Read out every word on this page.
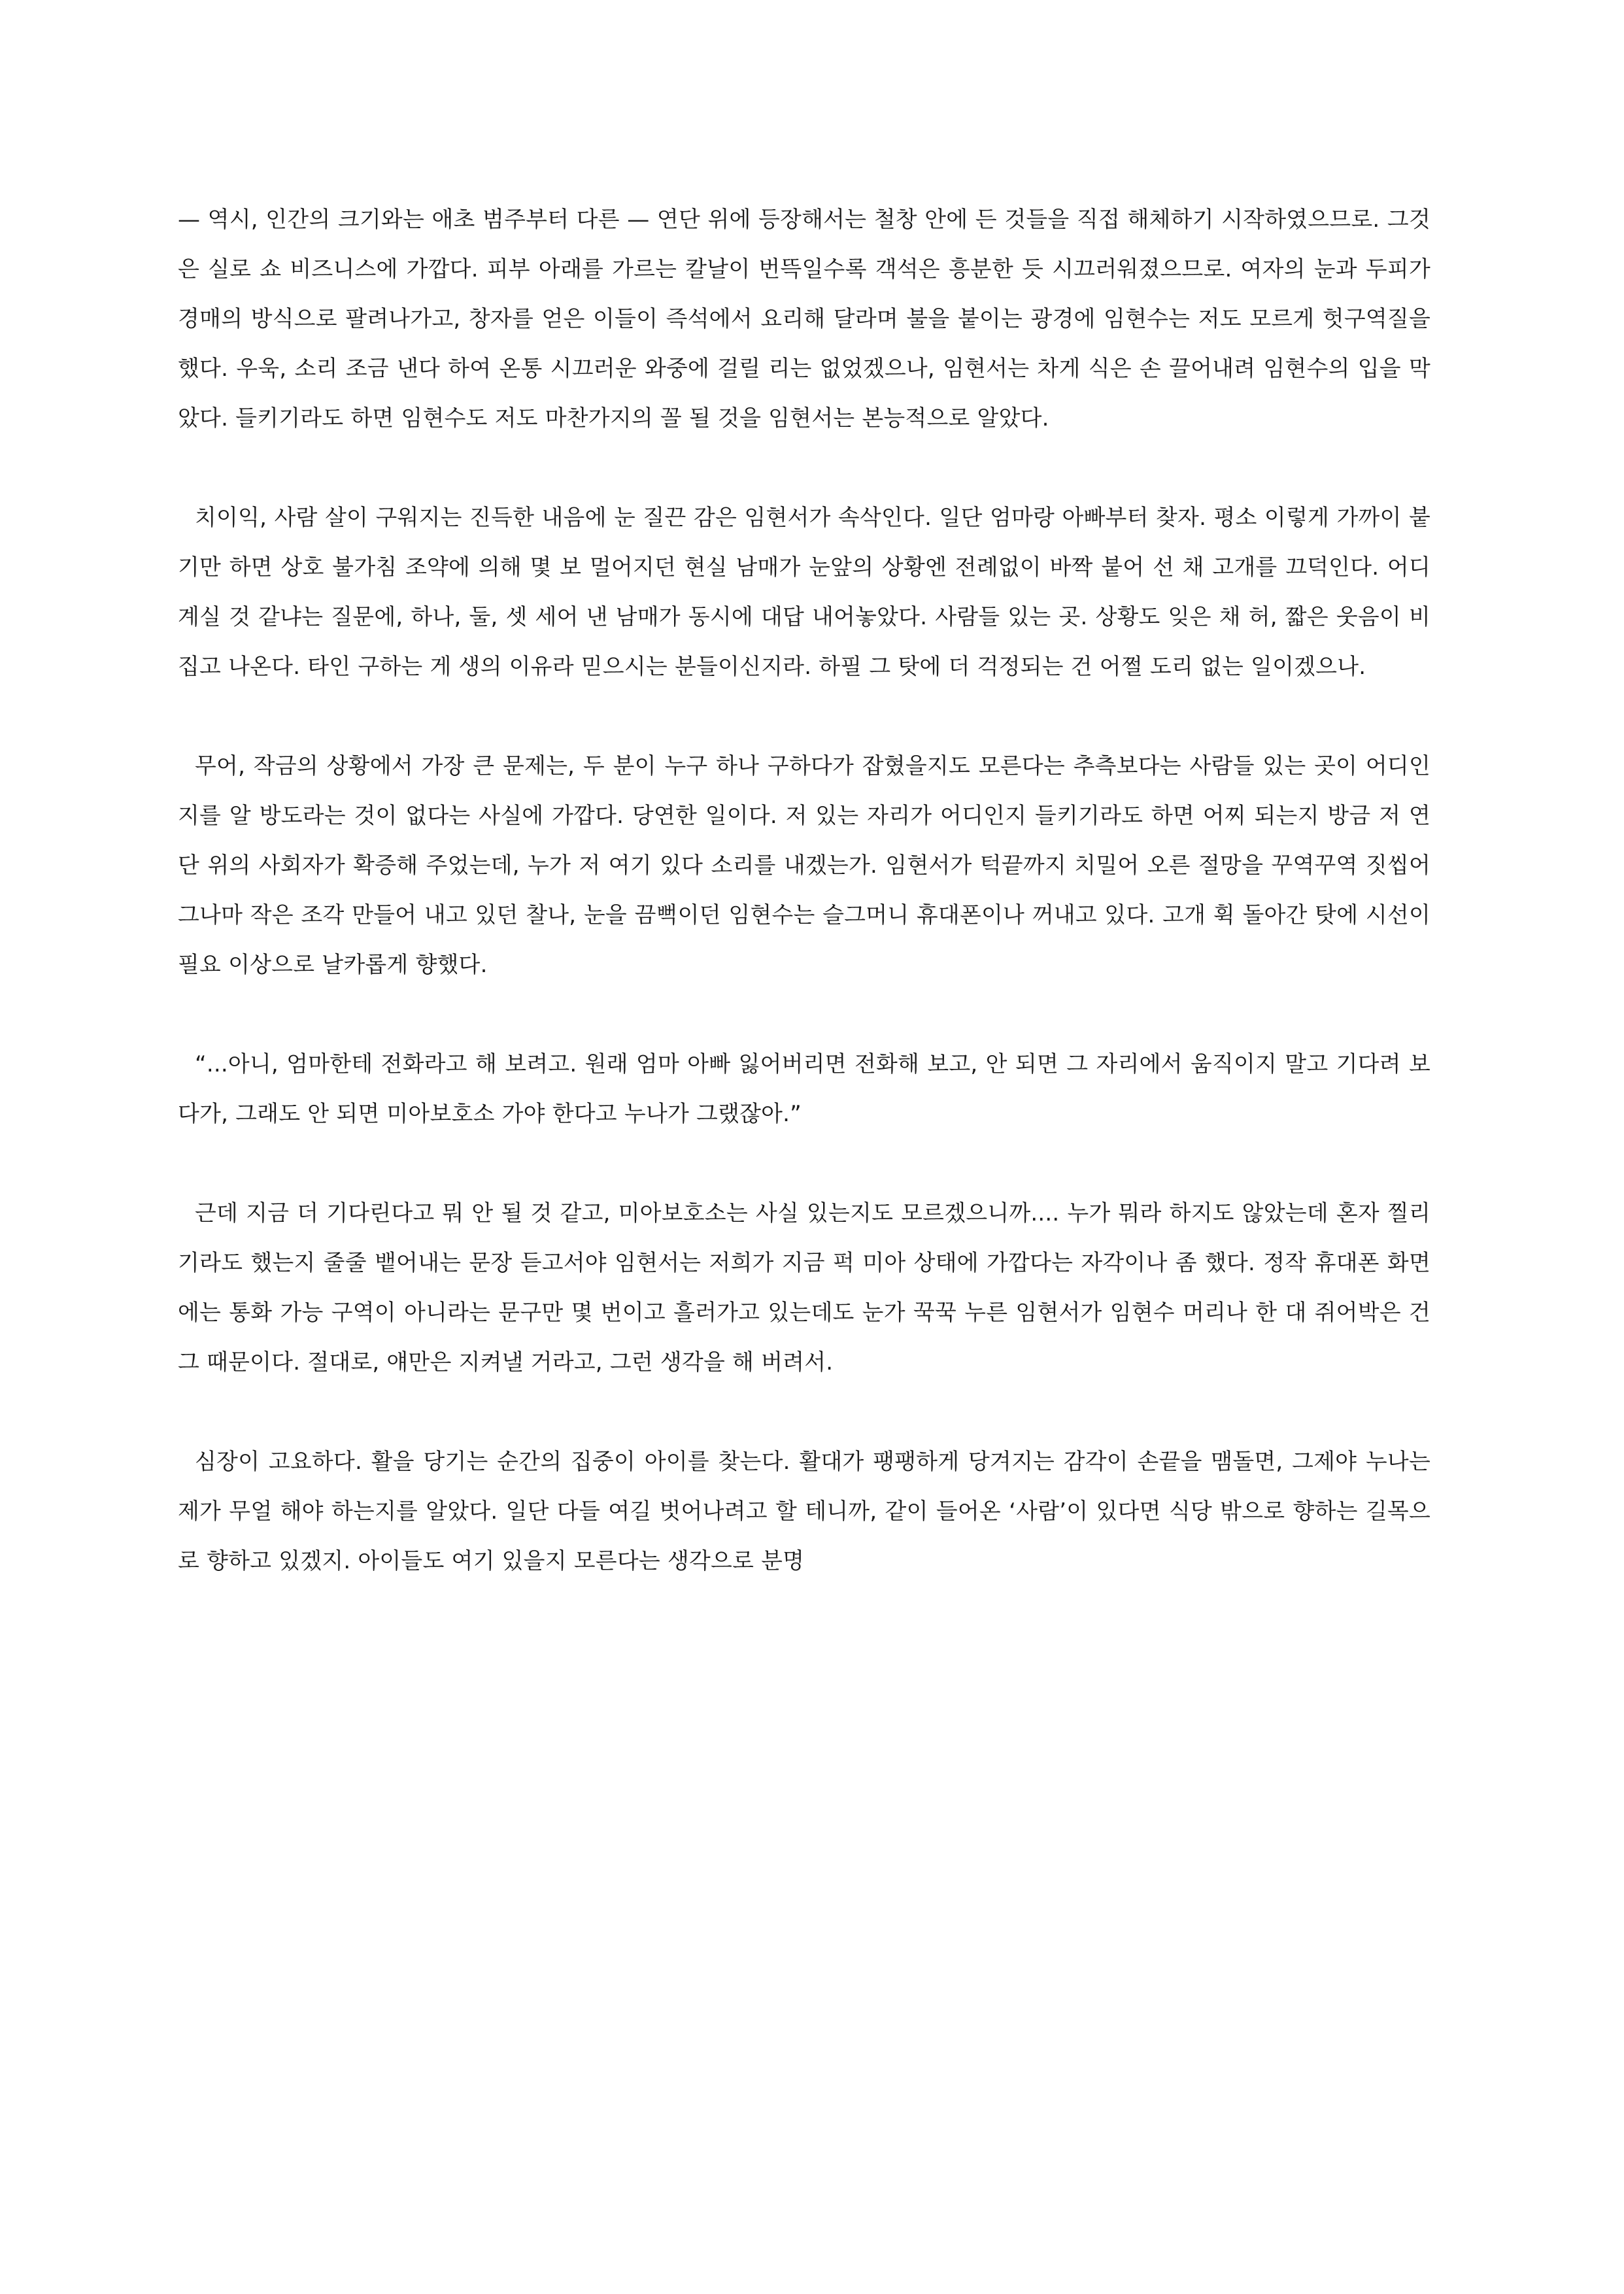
— 역시, 인간의 크기와는 애초 범주부터 다른 — 연단 위에 등장해서는 철창 안에 든 것들을 직접 해체하기 시작하였으므로. 그것은 실로 쇼 비즈니스에 가깝다. 피부 아래를 가르는 칼날이 번뜩일수록 객석은 흥분한 듯 시끄러워졌으므로. 여자의 눈과 두피가 경매의 방식으로 팔려나가고, 창자를 얻은 이들이 즉석에서 요리해 달라며 불을 붙이는 광경에 임현수는 저도 모르게 헛구역질을 했다. 우욱, 소리 조금 낸다 하여 온통 시끄러운 와중에 걸릴 리는 없었겠으나, 임현서는 차게 식은 손 끌어내려 임현수의 입을 막았다. 들키기라도 하면 임현수도 저도 마찬가지의 꼴 될 것을 임현서는 본능적으로 알았다.

치이익, 사람 살이 구워지는 진득한 내음에 눈 질끈 감은 임현서가 속삭인다. 일단 엄마랑 아빠부터 찾자. 평소 이렇게 가까이 붙기만 하면 상호 불가침 조약에 의해 몇 보 멀어지던 현실 남매가 눈앞의 상황엔 전례없이 바짝 붙어 선 채 고개를 끄덕인다. 어디 계실 것 같냐는 질문에, 하나, 둘, 셋 세어 낸 남매가 동시에 대답 내어놓았다. 사람들 있는 곳. 상황도 잊은 채 허, 짧은 웃음이 비집고 나온다. 타인 구하는 게 생의 이유라 믿으시는 분들이신지라. 하필 그 탓에 더 걱정되는 건 어쩔 도리 없는 일이겠으나.

무어, 작금의 상황에서 가장 큰 문제는, 두 분이 누구 하나 구하다가 잡혔을지도 모른다는 추측보다는 사람들 있는 곳이 어디인지를 알 방도라는 것이 없다는 사실에 가깝다. 당연한 일이다. 저 있는 자리가 어디인지 들키기라도 하면 어찌 되는지 방금 저 연단 위의 사회자가 확증해 주었는데, 누가 저 여기 있다 소리를 내겠는가. 임현서가 턱끝까지 치밀어 오른 절망을 꾸역꾸역 짓씹어 그나마 작은 조각 만들어 내고 있던 찰나, 눈을 끔뻑이던 임현수는 슬그머니 휴대폰이나 꺼내고 있다. 고개 휙 돌아간 탓에 시선이 필요 이상으로 날카롭게 향했다.

“...아니, 엄마한테 전화라고 해 보려고. 원래 엄마 아빠 잃어버리면 전화해 보고, 안 되면 그 자리에서 움직이지 말고 기다려 보다가, 그래도 안 되면 미아보호소 가야 한다고 누나가 그랬잖아.”

근데 지금 더 기다린다고 뭐 안 될 것 같고, 미아보호소는 사실 있는지도 모르겠으니까.... 누가 뭐라 하지도 않았는데 혼자 찔리기라도 했는지 줄줄 뱉어내는 문장 듣고서야 임현서는 저희가 지금 퍽 미아 상태에 가깝다는 자각이나 좀 했다. 정작 휴대폰 화면에는 통화 가능 구역이 아니라는 문구만 몇 번이고 흘러가고 있는데도 눈가 꾹꾹 누른 임현서가 임현수 머리나 한 대 쥐어박은 건 그 때문이다. 절대로, 얘만은 지켜낼 거라고, 그런 생각을 해 버려서.

심장이 고요하다. 활을 당기는 순간의 집중이 아이를 찾는다. 활대가 팽팽하게 당겨지는 감각이 손끝을 맴돌면, 그제야 누나는 제가 무얼 해야 하는지를 알았다. 일단 다들 여길 벗어나려고 할 테니까, 같이 들어온 ‘사람’이 있다면 식당 밖으로 향하는 길목으로 향하고 있겠지. 아이들도 여기 있을지 모른다는 생각으로 분명
